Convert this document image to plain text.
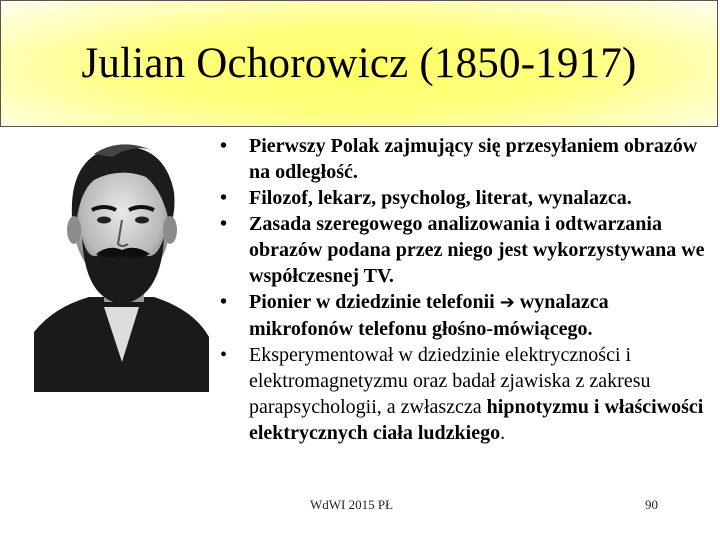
Julian Ochorowicz (1850-1917)
• Pierwszy Polak zajmujący się przesyłaniem obrazów na odległość.
• Filozof, lekarz, psycholog, literat, wynalazca.
• Zasada szeregowego analizowania i odtwarzania obrazów podana przez niego jest wykorzystywana we współczesnej TV.
• Pionier w dziedzinie telefonii ➔ wynalazca mikrofonów telefonu głośno-mówiącego.
• Eksperymentował w dziedzinie elektryczności i elektromagnetyzmu oraz badał zjawiska z zakresu parapsychologii, a zwłaszcza hipnotyzmu i właściwości elektrycznych ciała ludzkiego.
WdWI 2015 PŁ	90
